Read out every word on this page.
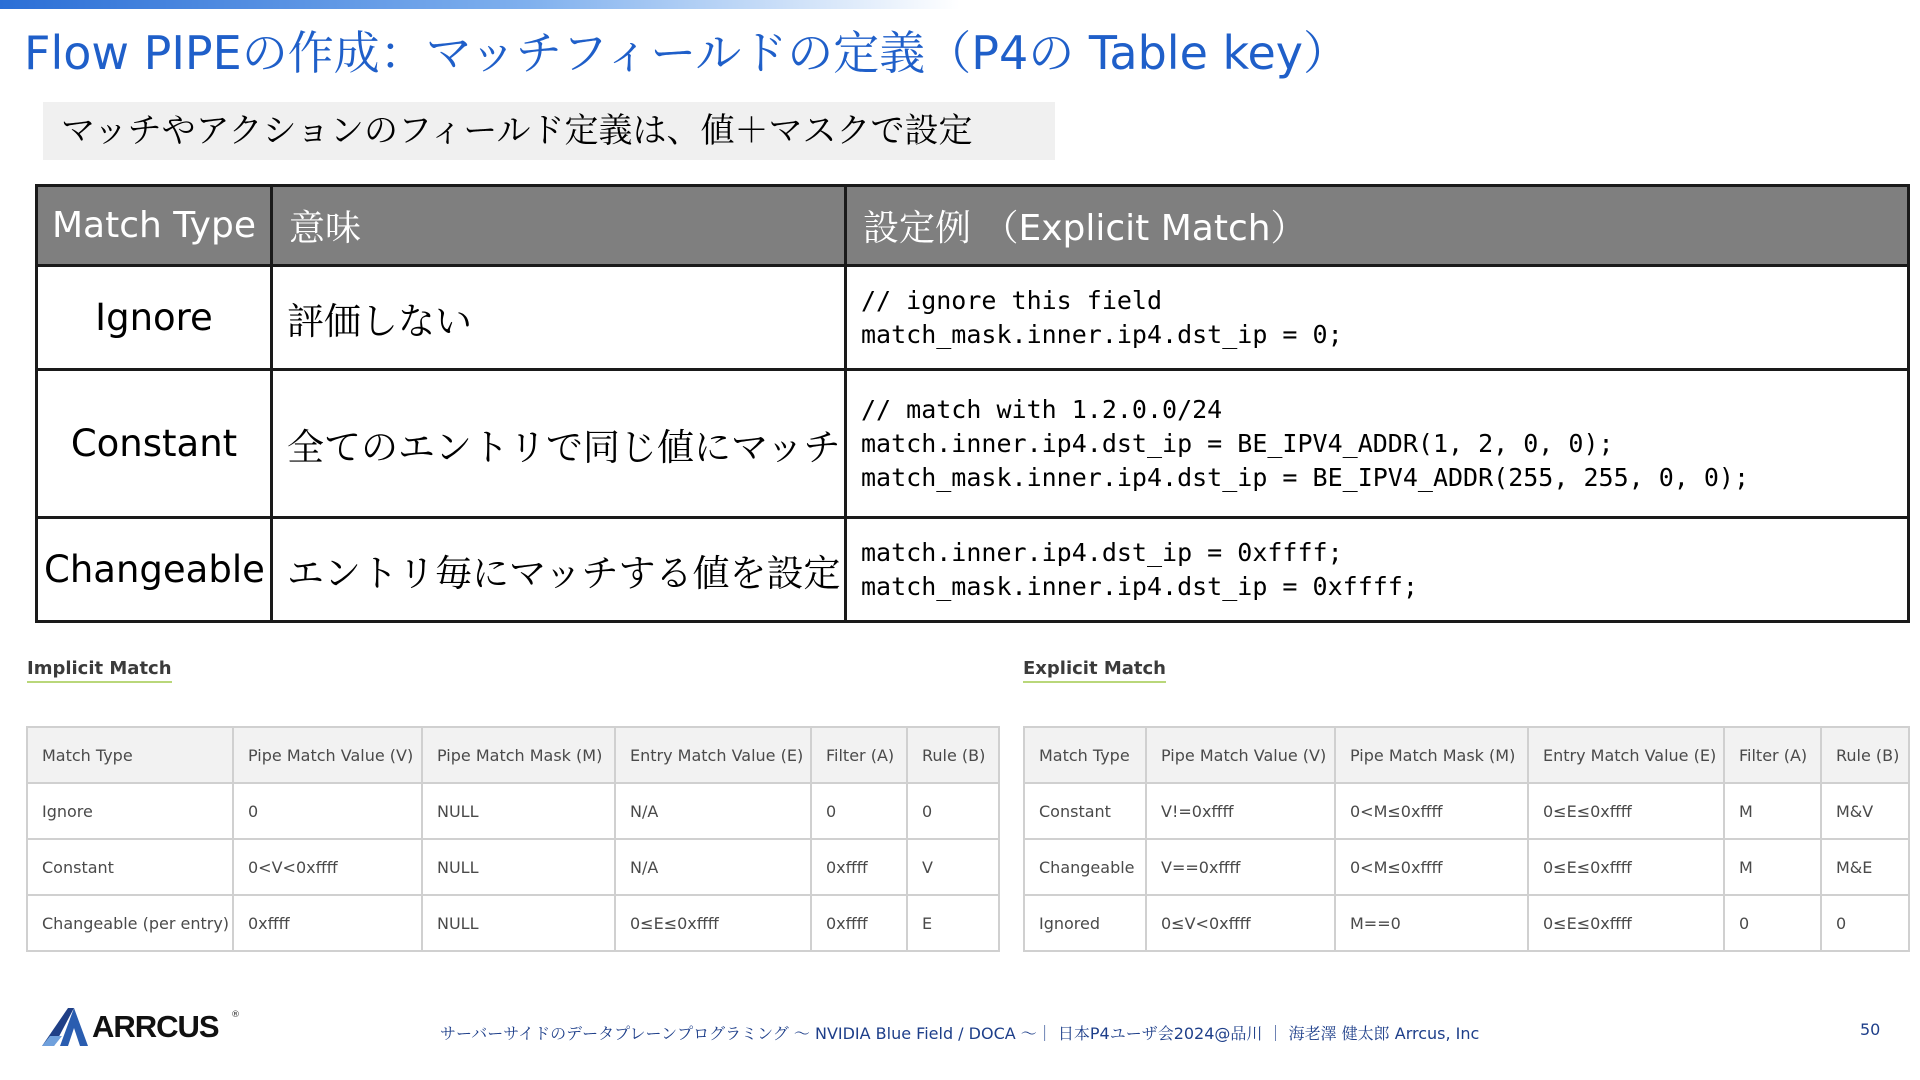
Flow PIPEの作成：マッチフィールドの定義（P4の Table key）
マッチやアクションのフィールド定義は、値＋マスクで設定
Match Type	意味	設定例 （Explicit Match）
Ignore	評価しない	// ignore this field
match_mask.inner.ip4.dst_ip = 0;

Constant	全てのエントリで同じ値にマッチ	// match with 1.2.0.0/24
match.inner.ip4.dst_ip = BE_IPV4_ADDR(1, 2, 0, 0);
match_mask.inner.ip4.dst_ip = BE_IPV4_ADDR(255, 255, 0, 0);

Changeable	エントリ毎にマッチする値を設定	match.inner.ip4.dst_ip = 0xffff;
match_mask.inner.ip4.dst_ip = 0xffff;
Implicit Match
Match Type	Pipe Match Value (V)	Pipe Match Mask (M)	Entry Match Value (E)	Filter (A)	Rule (B)
Ignore	0	NULL	N/A	0	0
Constant	0<V<0xffff	NULL	N/A	0xffff	V
Changeable (per entry)	0xffff	NULL	0≤E≤0xffff	0xffff	E
Explicit Match
Match Type	Pipe Match Value (V)	Pipe Match Mask (M)	Entry Match Value (E)	Filter (A)	Rule (B)
Constant	V!=0xffff	0<M≤0xffff	0≤E≤0xffff	M	M&V
Changeable	V==0xffff	0<M≤0xffff	0≤E≤0xffff	M	M&E
Ignored	0≤V<0xffff	M==0	0≤E≤0xffff	0	0
ARRCUS ®
サーバーサイドのデータプレーンプログラミング 〜 NVIDIA Blue Field / DOCA 〜｜ 日本P4ユーザ会2024@品川 ｜ 海老澤 健太郎 Arrcus, Inc	50
